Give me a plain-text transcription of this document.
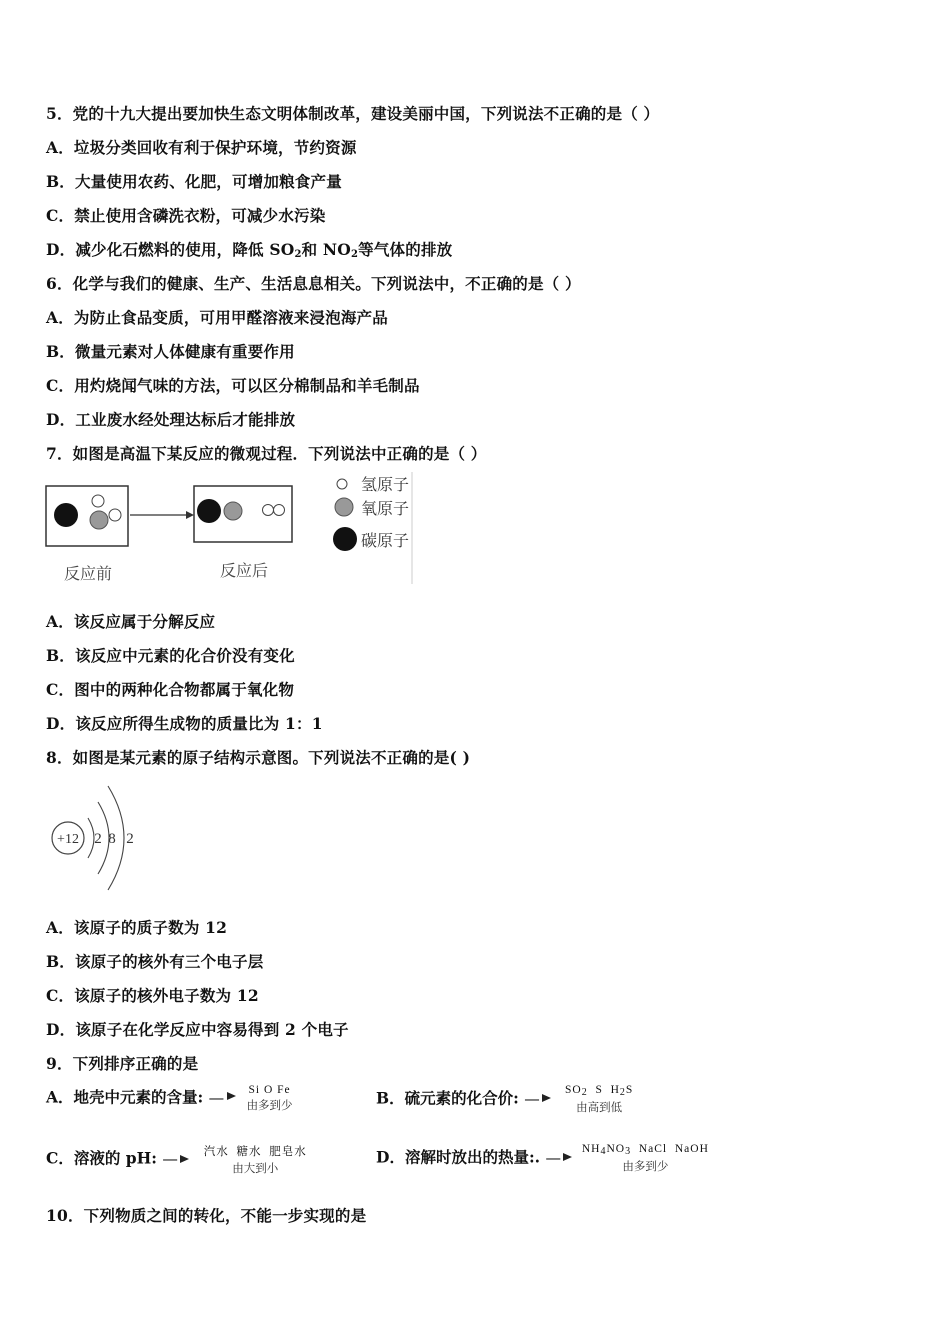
5．党的十九大提出要加快生态文明体制改革，建设美丽中国，下列说法不正确的是（ ）
A．垃圾分类回收有利于保护环境，节约资源
B．大量使用农药、化肥，可增加粮食产量
C．禁止使用含磷洗衣粉，可减少水污染
D．减少化石燃料的使用，降低 $SO_2$和 $NO_2$等气体的排放
6．化学与我们的健康、生产、生活息息相关。下列说法中，不正确的是（ ）
A．为防止食品变质，可用甲醛溶液来浸泡海产品
B．微量元素对人体健康有重要作用
C．用灼烧闻气味的方法，可以区分棉制品和羊毛制品
D．工业废水经处理达标后才能排放
7．如图是高温下某反应的微观过程．下列说法中正确的是（ ）
反应前	反应后
氢原子
氧原子
碳原子
A．该反应属于分解反应
B．该反应中元素的化合价没有变化
C．图中的两种化合物都属于氧化物
D．该反应所得生成物的质量比为 1：1
8．如图是某元素的原子结构示意图。下列说法不正确的是( )
+12 2 8 2
A．该原子的质子数为 12
B．该原子的核外有三个电子层
C．该原子的核外电子数为 12
D．该原子在化学反应中容易得到 2 个电子
9．下列排序正确的是
A．地壳中元素的含量: —	Si O Fe
由多到少	B．硫元素的化合价: —	$SO_2$  S  $H_2S$
由高到低
C．溶液的 pH: —	汽水  糖水  肥皂水
由大到小
D．溶解时放出的热量:. —	$NH_4NO_3$  NaCl  NaOH
由多到少
10．下列物质之间的转化，不能一步实现的是
